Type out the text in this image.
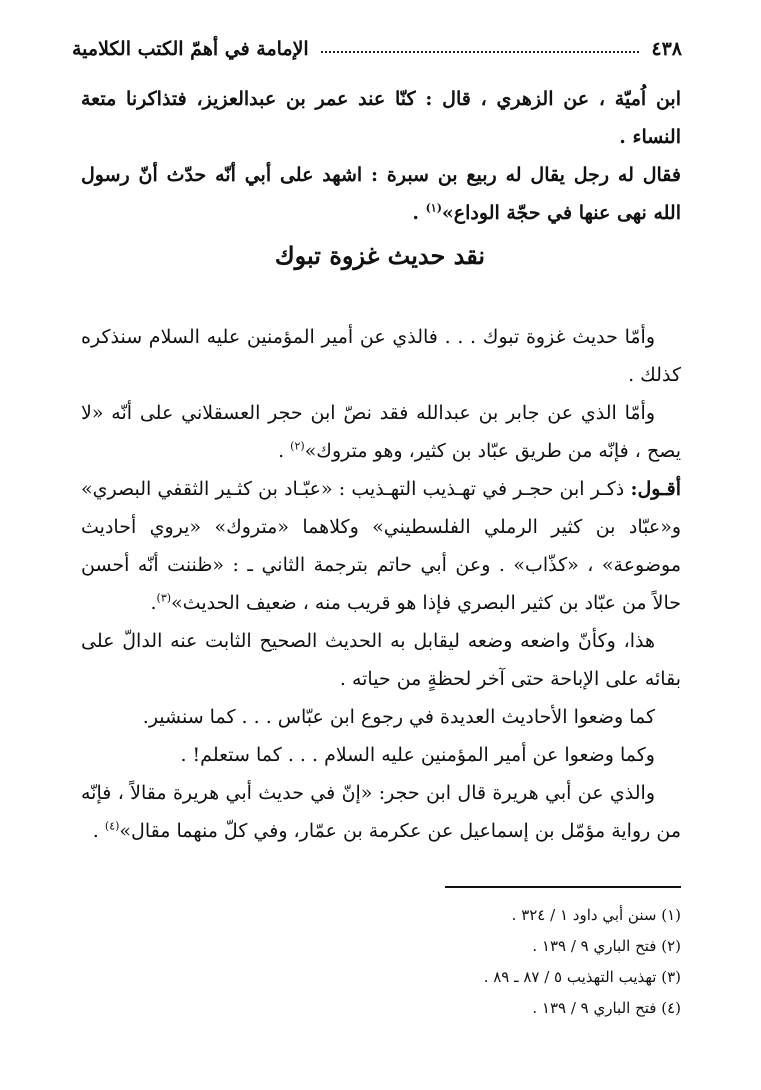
٤٣٨
الإمامة في أهمّ الكتب الكلامية

ابن اُميّة ، عن الزهري ، قال : كنّا عند عمر بن عبدالعزيز، فتذاكرنا متعة النساء .

فقال له رجل يقال له ربيع بن سبرة : اشهد على أبي أنّه حدّث أنّ رسول الله نهى عنها في حجّة الوداع»$^{(١)}$ .

نقد حديث غزوة تبوك

وأمّا حديث غزوة تبوك . . . فالذي عن أمير المؤمنين عليه السلام سنذكره كذلك .

وأمّا الذي عن جابر بن عبدالله فقد نصّ ابن حجر العسقلاني على أنّه «لا يصح ، فإنّه من طريق عبّاد بن كثير، وهو متروك»$^{(٢)}$ .

أقـول: ذكـر ابن حجـر في تهـذيب التهـذيب : «عبّـاد بن كثـير الثقفي البصري» و«عبّاد بن كثير الرملي الفلسطيني» وكلاهما «متروك» «يروي أحاديث موضوعة» ، «كذّاب» . وعن أبي حاتم بترجمة الثاني ـ : «ظننت أنّه أحسن حالاً من عبّاد بن كثير البصري فإذا هو قريب منه ، ضعيف الحديث»$^{(٣)}$.

هذا، وكأنّ واضعه وضعه ليقابل به الحديث الصحيح الثابت عنه الدالّ على بقائه على الإباحة حتى آخر لحظةٍ من حياته .

كما وضعوا الأحاديث العديدة في رجوع ابن عبّاس . . . كما سنشير.

وكما وضعوا عن أمير المؤمنين عليه السلام . . . كما ستعلم! .

والذي عن أبي هريرة قال ابن حجر: «إنّ في حديث أبي هريرة مقالاً ، فإنّه من رواية مؤمّل بن إسماعيل عن عكرمة بن عمّار، وفي كلّ منهما مقال»$^{(٤)}$ .

(١) سنن أبي داود ١ / ٣٢٤ .
(٢) فتح الباري ٩ / ١٣٩ .
(٣) تهذيب التهذيب ٥ / ٨٧ ـ ٨٩ .
(٤) فتح الباري ٩ / ١٣٩ .
